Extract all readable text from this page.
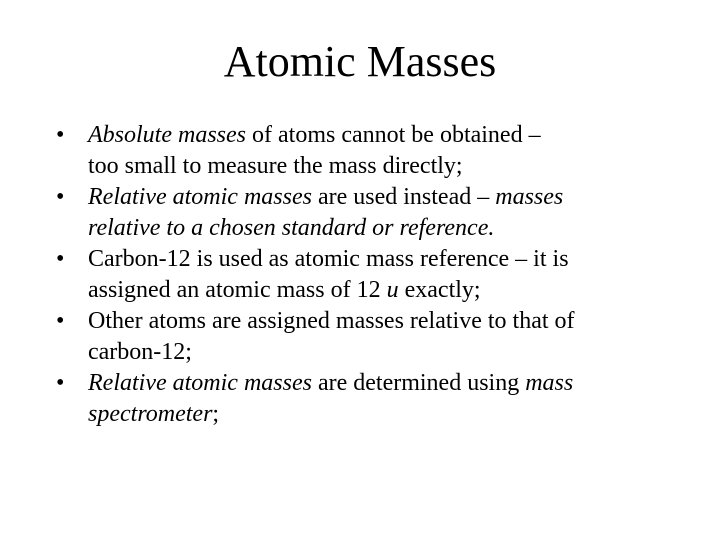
Atomic Masses
• Absolute masses of atoms cannot be obtained –
too small to measure the mass directly;
• Relative atomic masses are used instead – masses
relative to a chosen standard or reference.
• Carbon-12 is used as atomic mass reference – it is
assigned an atomic mass of 12 u exactly;
• Other atoms are assigned masses relative to that of
carbon-12;
• Relative atomic masses are determined using mass
spectrometer;
